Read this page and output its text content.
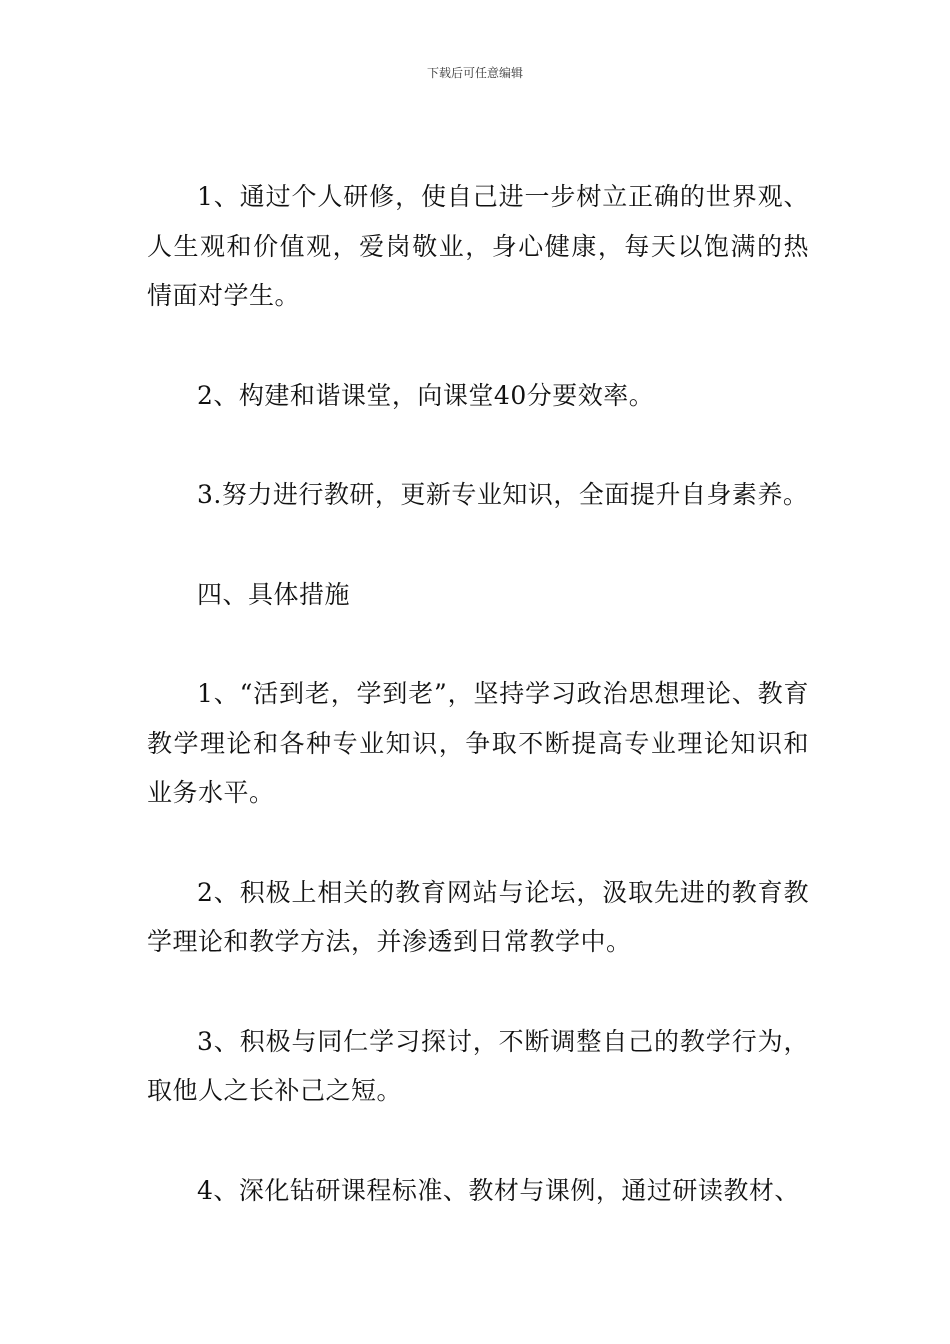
下载后可任意编辑

1、通过个人研修，使自己进一步树立正确的世界观、人生观和价值观，爱岗敬业，身心健康，每天以饱满的热情面对学生。

2、构建和谐课堂，向课堂40分要效率。

3.努力进行教研，更新专业知识，全面提升自身素养。

四、具体措施

1、“活到老，学到老”，坚持学习政治思想理论、教育教学理论和各种专业知识，争取不断提高专业理论知识和业务水平。

2、积极上相关的教育网站与论坛，汲取先进的教育教学理论和教学方法，并渗透到日常教学中。

3、积极与同仁学习探讨，不断调整自己的教学行为，取他人之长补己之短。

4、深化钻研课程标准、教材与课例，通过研读教材、
